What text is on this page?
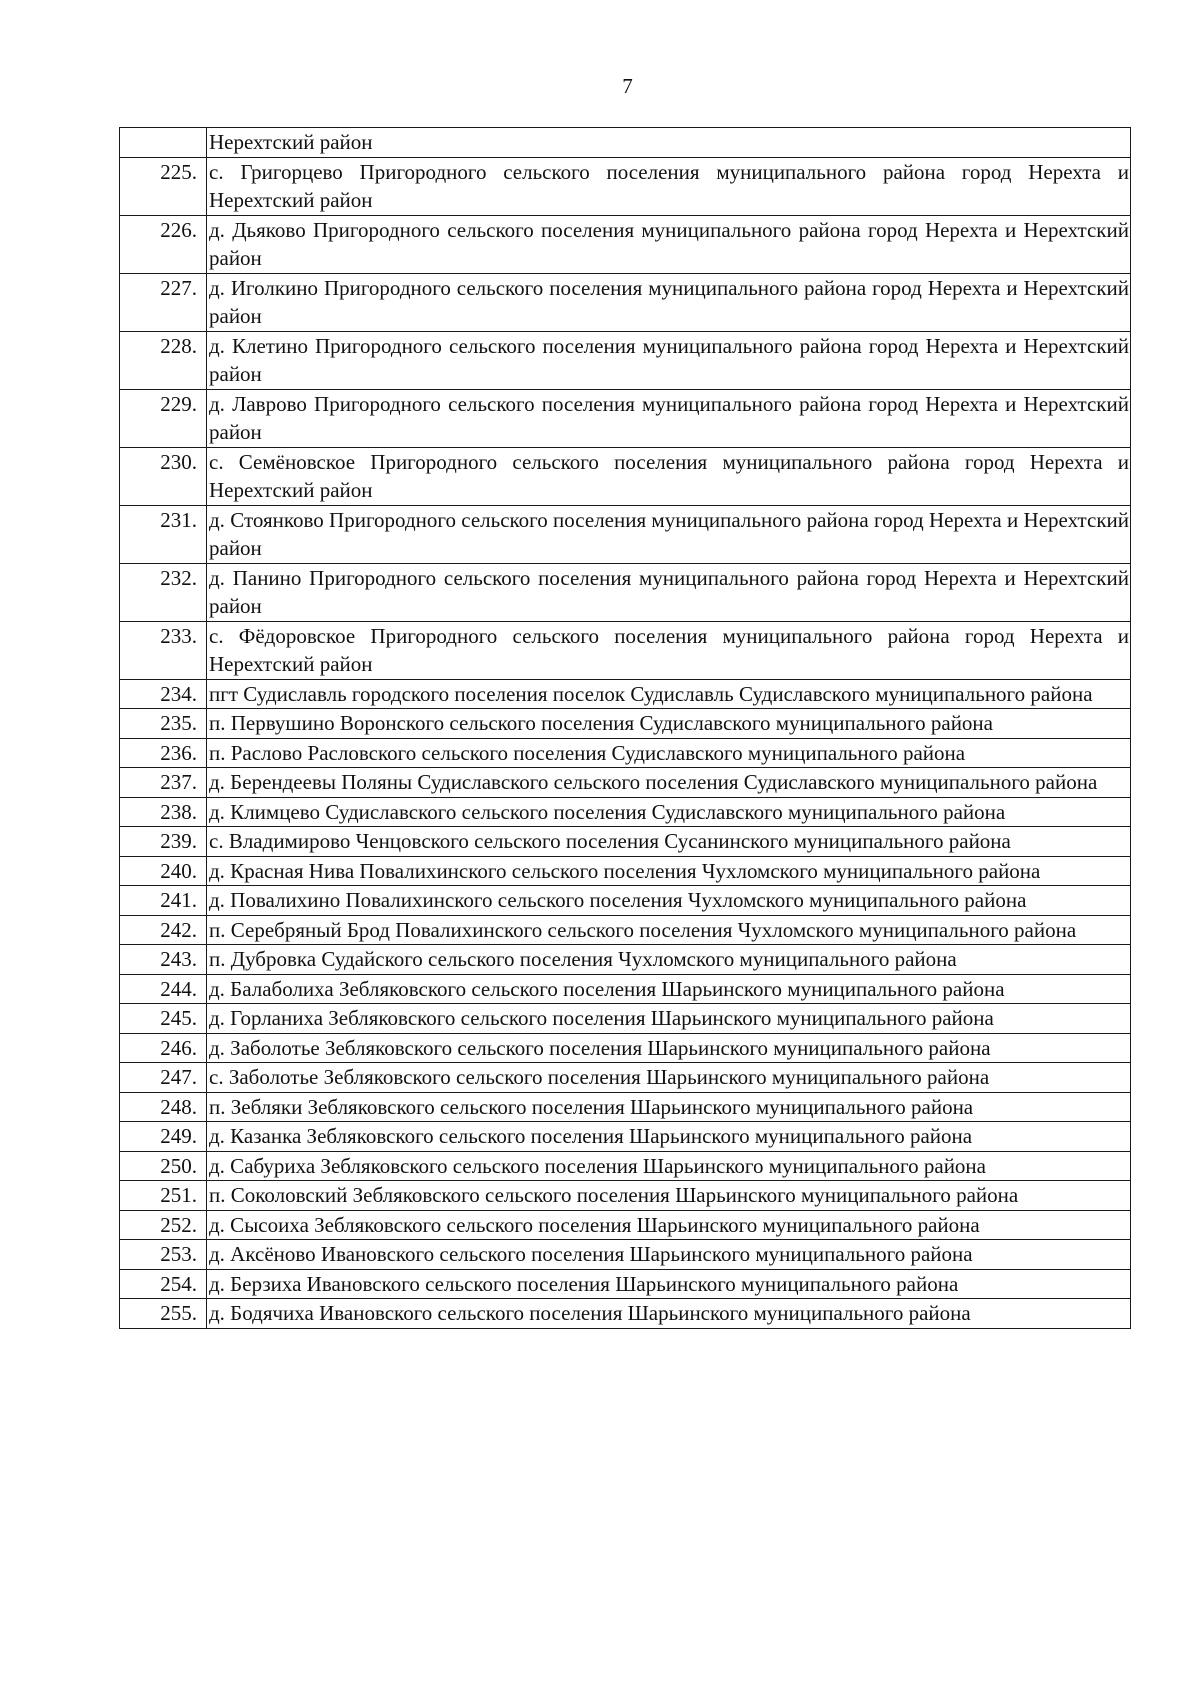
7
	Нерехтский район
225.	с. Григорцево Пригородного сельского поселения муниципального района город Нерехта и Нерехтский район
226.	д. Дьяково Пригородного сельского поселения муниципального района город Нерехта и Нерехтский район
227.	д. Иголкино Пригородного сельского поселения муниципального района город Нерехта и Нерехтский район
228.	д. Клетино Пригородного сельского поселения муниципального района город Нерехта и Нерехтский район
229.	д. Лаврово Пригородного сельского поселения муниципального района город Нерехта и Нерехтский район
230.	с. Семёновское Пригородного сельского поселения муниципального района город Нерехта и Нерехтский район
231.	д. Стоянково Пригородного сельского поселения муниципального района город Нерехта и Нерехтский район
232.	д. Панино Пригородного сельского поселения муниципального района город Нерехта и Нерехтский район
233.	с. Фёдоровское Пригородного сельского поселения муниципального района город Нерехта и Нерехтский район
234.	пгт Судиславль городского поселения поселок Судиславль Судиславского муниципального района
235.	п. Первушино Воронского сельского поселения Судиславского муниципального района
236.	п. Раслово Расловского сельского поселения Судиславского муниципального района
237.	д. Берендеевы Поляны Судиславского сельского поселения Судиславского муниципального района
238.	д. Климцево Судиславского сельского поселения Судиславского муниципального района
239.	с. Владимирово Ченцовского сельского поселения Сусанинского муниципального района
240.	д. Красная Нива Повалихинского сельского поселения Чухломского муниципального района
241.	д. Повалихино Повалихинского сельского поселения Чухломского муниципального района
242.	п. Серебряный Брод Повалихинского сельского поселения Чухломского муниципального района
243.	п. Дубровка Судайского сельского поселения Чухломского муниципального района
244.	д. Балаболиха Зебляковского сельского поселения Шарьинского муниципального района
245.	д. Горланиха Зебляковского сельского поселения Шарьинского муниципального района
246.	д. Заболотье Зебляковского сельского поселения Шарьинского муниципального района
247.	с. Заболотье Зебляковского сельского поселения Шарьинского муниципального района
248.	п. Зебляки Зебляковского сельского поселения Шарьинского муниципального района
249.	д. Казанка Зебляковского сельского поселения Шарьинского муниципального района
250.	д. Сабуриха Зебляковского сельского поселения Шарьинского муниципального района
251.	п. Соколовский Зебляковского сельского поселения Шарьинского муниципального района
252.	д. Сысоиха Зебляковского сельского поселения Шарьинского муниципального района
253.	д. Аксёново Ивановского сельского поселения Шарьинского муниципального района
254.	д. Берзиха Ивановского сельского поселения Шарьинского муниципального района
255.	д. Бодячиха Ивановского сельского поселения Шарьинского муниципального района
